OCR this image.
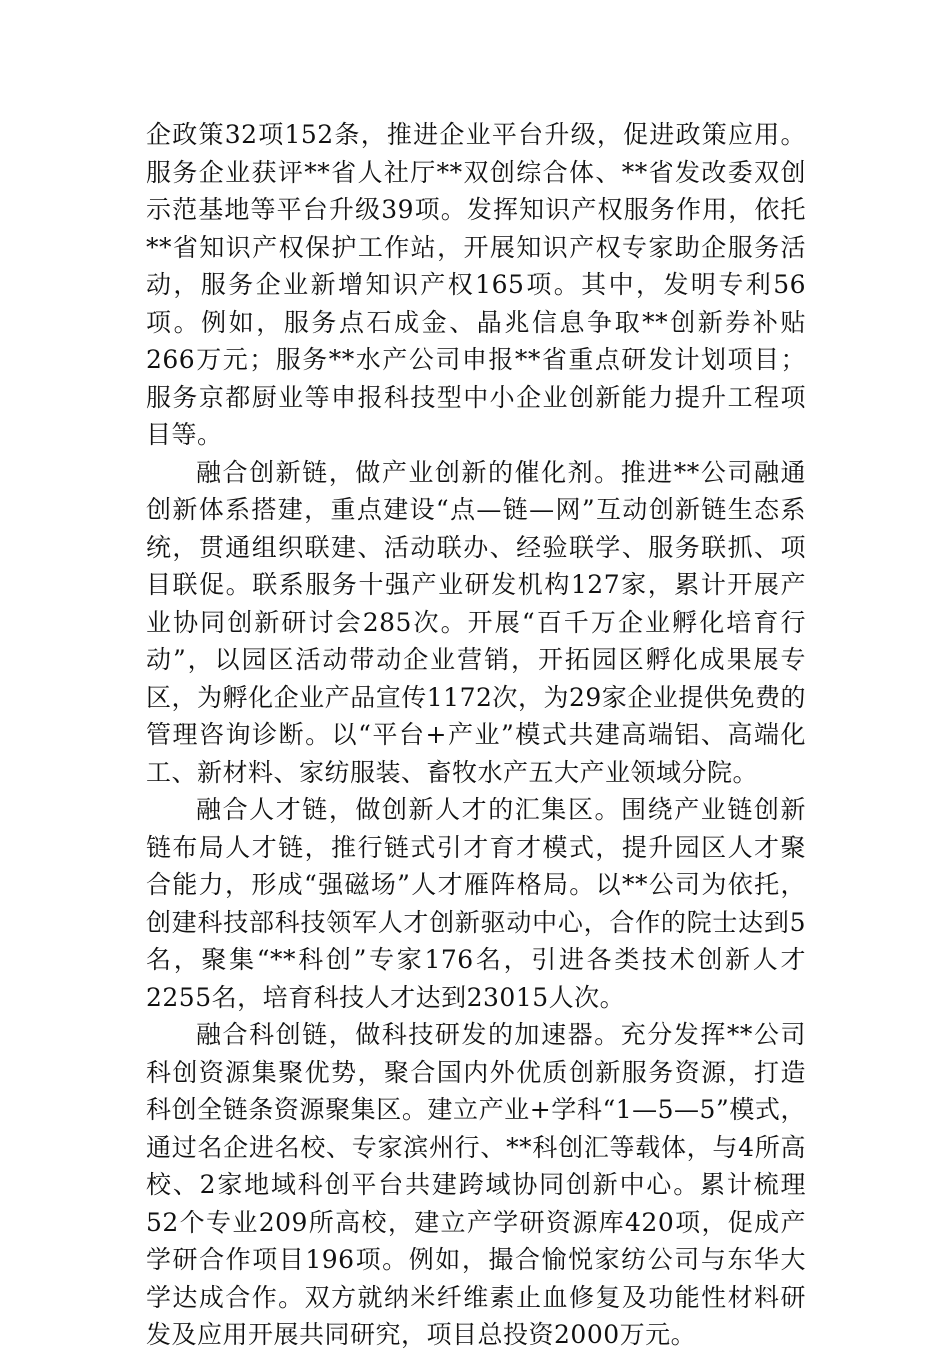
企政策32项152条，推进企业平台升级，促进政策应用。服务企业获评**省人社厅**双创综合体、**省发改委双创示范基地等平台升级39项。发挥知识产权服务作用，依托**省知识产权保护工作站，开展知识产权专家助企服务活动，服务企业新增知识产权165项。其中，发明专利56项。例如，服务点石成金、晶兆信息争取**创新券补贴266万元；服务**水产公司申报**省重点研发计划项目；服务京都厨业等申报科技型中小企业创新能力提升工程项目等。

融合创新链，做产业创新的催化剂。推进**公司融通创新体系搭建，重点建设“点—链—网”互动创新链生态系统，贯通组织联建、活动联办、经验联学、服务联抓、项目联促。联系服务十强产业研发机构127家，累计开展产业协同创新研讨会285次。开展“百千万企业孵化培育行动”，以园区活动带动企业营销，开拓园区孵化成果展专区，为孵化企业产品宣传1172次，为29家企业提供免费的管理咨询诊断。以“平台+产业”模式共建高端铝、高端化工、新材料、家纺服装、畜牧水产五大产业领域分院。

融合人才链，做创新人才的汇集区。围绕产业链创新链布局人才链，推行链式引才育才模式，提升园区人才聚合能力，形成“强磁场”人才雁阵格局。以**公司为依托，创建科技部科技领军人才创新驱动中心，合作的院士达到5名，聚集“**科创”专家176名，引进各类技术创新人才2255名，培育科技人才达到23015人次。

融合科创链，做科技研发的加速器。充分发挥**公司科创资源集聚优势，聚合国内外优质创新服务资源，打造科创全链条资源聚集区。建立产业+学科“1—5—5”模式，通过名企进名校、专家滨州行、**科创汇等载体，与4所高校、2家地域科创平台共建跨域协同创新中心。累计梳理52个专业209所高校，建立产学研资源库420项，促成产学研合作项目196项。例如，撮合愉悦家纺公司与东华大学达成合作。双方就纳米纤维素止血修复及功能性材料研发及应用开展共同研究，项目总投资2000万元。
